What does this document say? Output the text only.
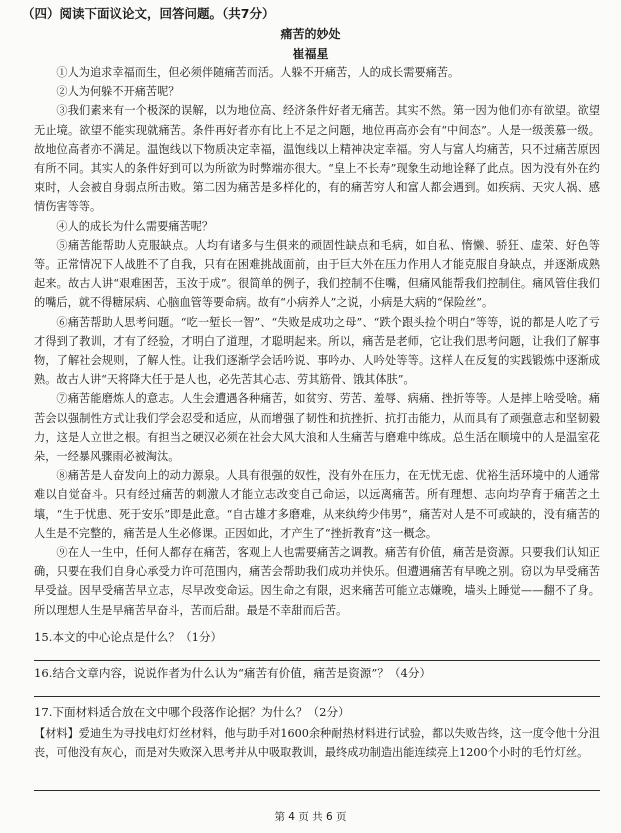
（四）阅读下面议论文，回答问题。（共7分）
痛苦的妙处
崔福星

①人为追求幸福而生，但必须伴随痛苦而活。人躲不开痛苦，人的成长需要痛苦。

②人为何躲不开痛苦呢？

③我们素来有一个极深的误解，以为地位高、经济条件好者无痛苦。其实不然。第一因为他们亦有欲望。欲望无止境。欲望不能实现就痛苦。条件再好者亦有比上不足之问题，地位再高亦会有“中间态”。人是一级羡慕一级。故地位高者亦不满足。温饱线以下物质决定幸福，温饱线以上精神决定幸福。穷人与富人均痛苦，只不过痛苦原因有所不同。其实人的条件好到可以为所欲为时弊端亦很大。“皇上不长寿”现象生动地诠释了此点。因为没有外在约束时，人会被自身弱点所击败。第二因为痛苦是多样化的，有的痛苦穷人和富人都会遇到。如疾病、天灾人祸、感情伤害等等。

④人的成长为什么需要痛苦呢？

⑤痛苦能帮助人克服缺点。人均有诸多与生俱来的顽固性缺点和毛病，如自私、惰懒、骄狂、虚荣、好色等等。正常情况下人战胜不了自我，只有在困难挑战面前，由于巨大外在压力作用人才能克服自身缺点，并逐渐成熟起来。故古人讲“艰难困苦，玉汝于成”。很简单的例子，我们控制不住嘴，但痛风能帮我们控制住。痛风管住我们的嘴后，就不得糖尿病、心脑血管等要命病。故有“小病养人”之说，小病是大病的“保险丝”。

⑥痛苦帮助人思考问题。“吃一堑长一智”、“失败是成功之母”、“跌个跟头捡个明白”等等，说的都是人吃了亏才得到了教训，才有了经验，才明白了道理，才聪明起来。所以，痛苦是老师，它让我们思考问题，让我们了解事物，了解社会规则，了解人性。让我们逐渐学会话吟说、事吟办、人吟处等等。这样人在反复的实践锻炼中逐渐成熟。故古人讲“天将降大任于是人也，必先苦其心志、劳其筋骨、饿其体肤”。

⑦痛苦能磨炼人的意志。人生会遭遇各种痛苦，如贫穷、劳苦、羞辱、病痛、挫折等等。人是摔上啥受啥。痛苦会以强制性方式让我们学会忍受和适应，从而增强了韧性和抗挫折、抗打击能力，从而具有了顽强意志和坚韧毅力，这是人立世之根。有担当之硬汉必须在社会大风大浪和人生痛苦与磨难中练成。总生活在顺境中的人是温室花朵，一经暴风骤雨必被淘汰。

⑧痛苦是人奋发向上的动力源泉。人具有很强的奴性，没有外在压力，在无忧无虑、优裕生活环境中的人通常难以自觉奋斗。只有经过痛苦的刺激人才能立志改变自己命运，以远离痛苦。所有理想、志向均孕育于痛苦之土壤，“生于忧患、死于安乐”即是此意。“自古雄才多磨难，从来纨绔少伟男”，痛苦对人是不可或缺的，没有痛苦的人生是不完整的，痛苦是人生必修课。正因如此，才产生了“挫折教育”这一概念。

⑨在人一生中，任何人都存在痛苦，客观上人也需要痛苦之调教。痛苦有价值，痛苦是资源。只要我们认知正确，只要在我们自身心承受力许可范围内，痛苦会帮助我们成功并快乐。但遭遇痛苦有早晚之别。窃以为早受痛苦早受益。因早受痛苦早立志，尽早改变命运。因生命之有限，迟来痛苦可能立志嫌晚，墙头上睡觉——翻不了身。所以理想人生是早痛苦早奋斗，苦而后甜。最是不幸甜而后苦。

15.本文的中心论点是什么？（1分）
16.结合文章内容，说说作者为什么认为“痛苦有价值，痛苦是资源”？（4分）
17.下面材料适合放在文中哪个段落作论据？为什么？（2分）
【材料】爱迪生为寻找电灯灯丝材料，他与助手对1600余种耐热材料进行试验，都以失败告终，这一度令他十分沮丧，可他没有灰心，而是对失败深入思考并从中吸取教训，最终成功制造出能连续亮上1200个小时的毛竹灯丝。
第 4 页 共 6 页
